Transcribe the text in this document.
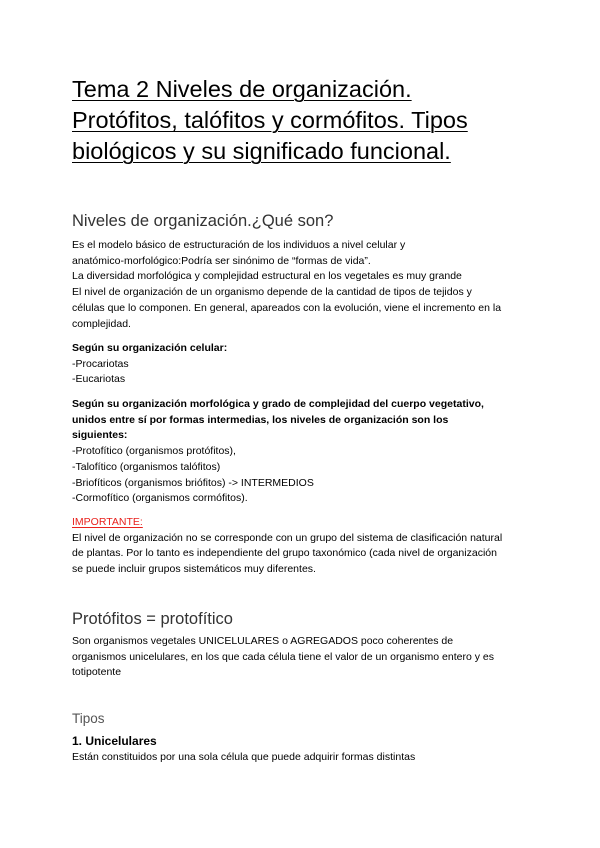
Tema 2 Niveles de organización.
Protófitos, talófitos y cormófitos. Tipos
biológicos y su significado funcional.
Niveles de organización.¿Qué son?
Es el modelo básico de estructuración de los individuos a nivel celular y
anatómico-morfológico:Podría ser sinónimo de “formas de vida”.
La diversidad morfológica y complejidad estructural en los vegetales es muy grande
El nivel de organización de un organismo depende de la cantidad de tipos de tejidos y
células que lo componen. En general, apareados con la evolución, viene el incremento en la
complejidad.
Según su organización celular:
-Procariotas
-Eucariotas
Según su organización morfológica y grado de complejidad del cuerpo vegetativo,
unidos entre sí por formas intermedias, los niveles de organización son los
siguientes:
-Protofítico (organismos protófitos),
-Talofítico (organismos talófitos)
-Briofíticos (organismos briófitos) -> INTERMEDIOS
-Cormofítico (organismos cormófitos).
IMPORTANTE:
El nivel de organización no se corresponde con un grupo del sistema de clasificación natural
de plantas. Por lo tanto es independiente del grupo taxonómico (cada nivel de organización
se puede incluir grupos sistemáticos muy diferentes.
Protófitos = protofítico
Son organismos vegetales UNICELULARES o AGREGADOS poco coherentes de
organismos unicelulares, en los que cada célula tiene el valor de un organismo entero y es
totipotente
Tipos
1. Unicelulares
Están constituidos por una sola célula que puede adquirir formas distintas
